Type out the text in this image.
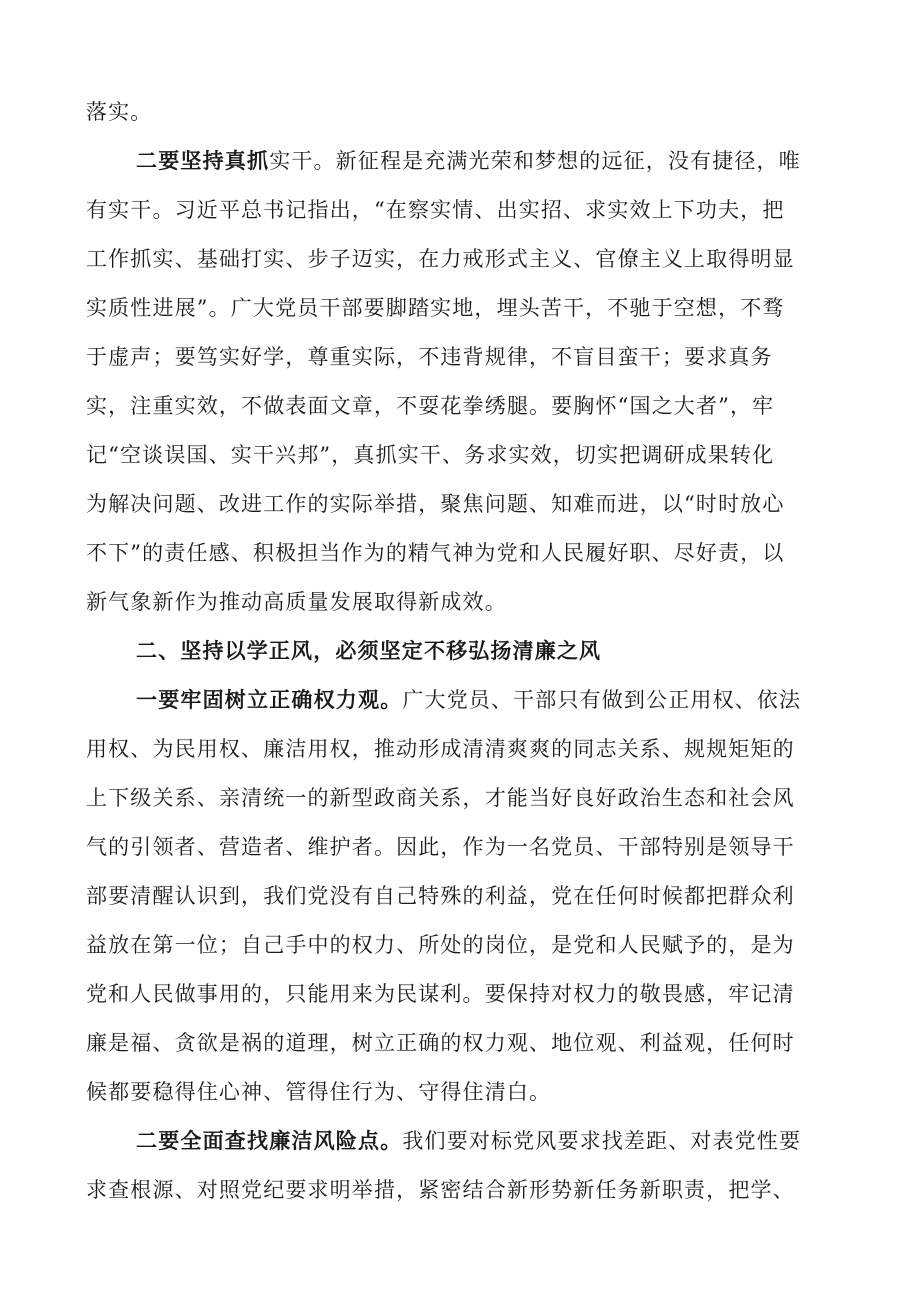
落实。
二要坚持真抓实干。新征程是充满光荣和梦想的远征，没有捷径，唯
有实干。习近平总书记指出，“在察实情、出实招、求实效上下功夫，把
工作抓实、基础打实、步子迈实，在力戒形式主义、官僚主义上取得明显
实质性进展”。广大党员干部要脚踏实地，埋头苦干，不驰于空想，不骛
于虚声；要笃实好学，尊重实际，不违背规律，不盲目蛮干；要求真务
实，注重实效，不做表面文章，不耍花拳绣腿。要胸怀“国之大者”，牢
记“空谈误国、实干兴邦”，真抓实干、务求实效，切实把调研成果转化
为解决问题、改进工作的实际举措，聚焦问题、知难而进，以“时时放心
不下”的责任感、积极担当作为的精气神为党和人民履好职、尽好责，以
新气象新作为推动高质量发展取得新成效。
二、坚持以学正风，必须坚定不移弘扬清廉之风
一要牢固树立正确权力观。广大党员、干部只有做到公正用权、依法
用权、为民用权、廉洁用权，推动形成清清爽爽的同志关系、规规矩矩的
上下级关系、亲清统一的新型政商关系，才能当好良好政治生态和社会风
气的引领者、营造者、维护者。因此，作为一名党员、干部特别是领导干
部要清醒认识到，我们党没有自己特殊的利益，党在任何时候都把群众利
益放在第一位；自己手中的权力、所处的岗位，是党和人民赋予的，是为
党和人民做事用的，只能用来为民谋利。要保持对权力的敬畏感，牢记清
廉是福、贪欲是祸的道理，树立正确的权力观、地位观、利益观，任何时
候都要稳得住心神、管得住行为、守得住清白。
二要全面查找廉洁风险点。我们要对标党风要求找差距、对表党性要
求查根源、对照党纪要求明举措，紧密结合新形势新任务新职责，把学、
